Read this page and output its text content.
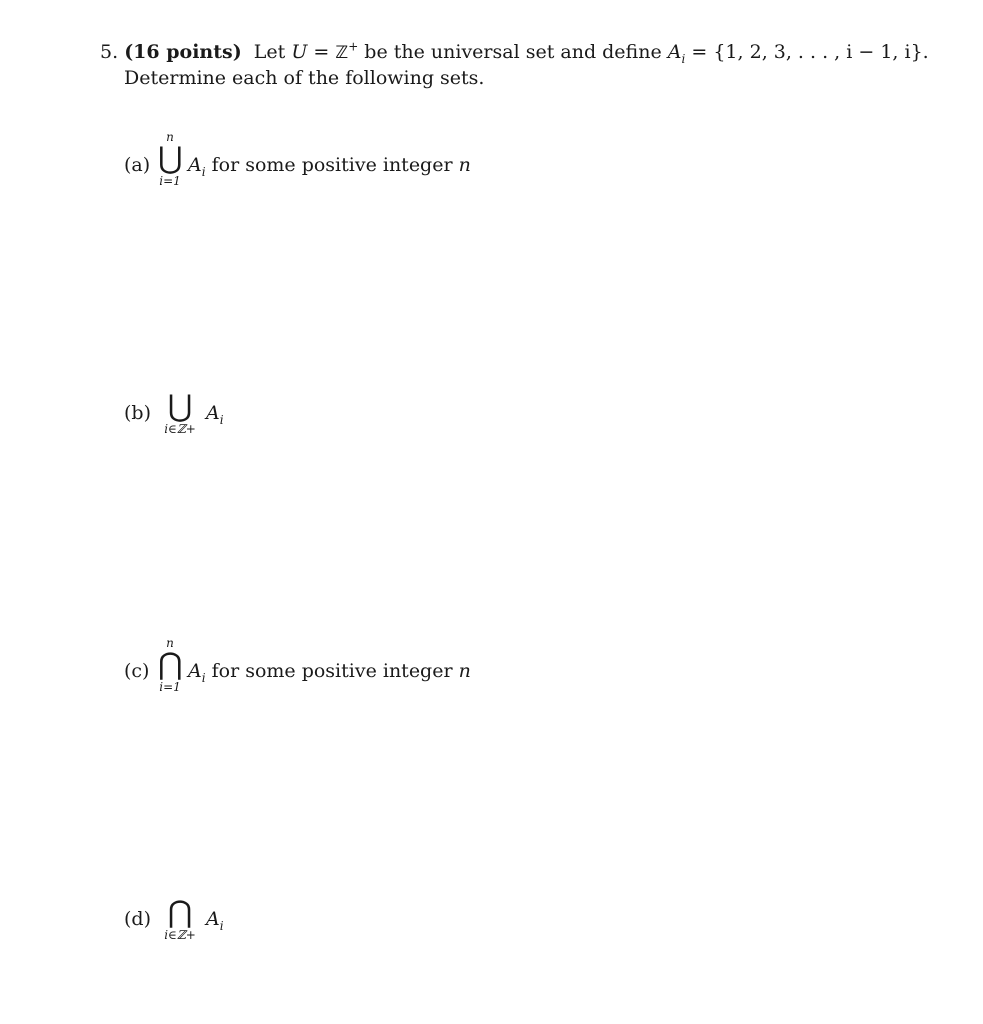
5. (16 points) Let U = ℤ+ be the universal set and define $A_i = \{1$, 2, 3, . . . , i − 1, i}.
Determine each of the following sets.
(a)
n
⋃
i=1
$A_i$ for some positive integer n
(b)
⋃
i∈ℤ+
$A_i$
(c)
n
⋂
i=1
$A_i$ for some positive integer n
(d)
⋂
i∈ℤ+
$A_i$
